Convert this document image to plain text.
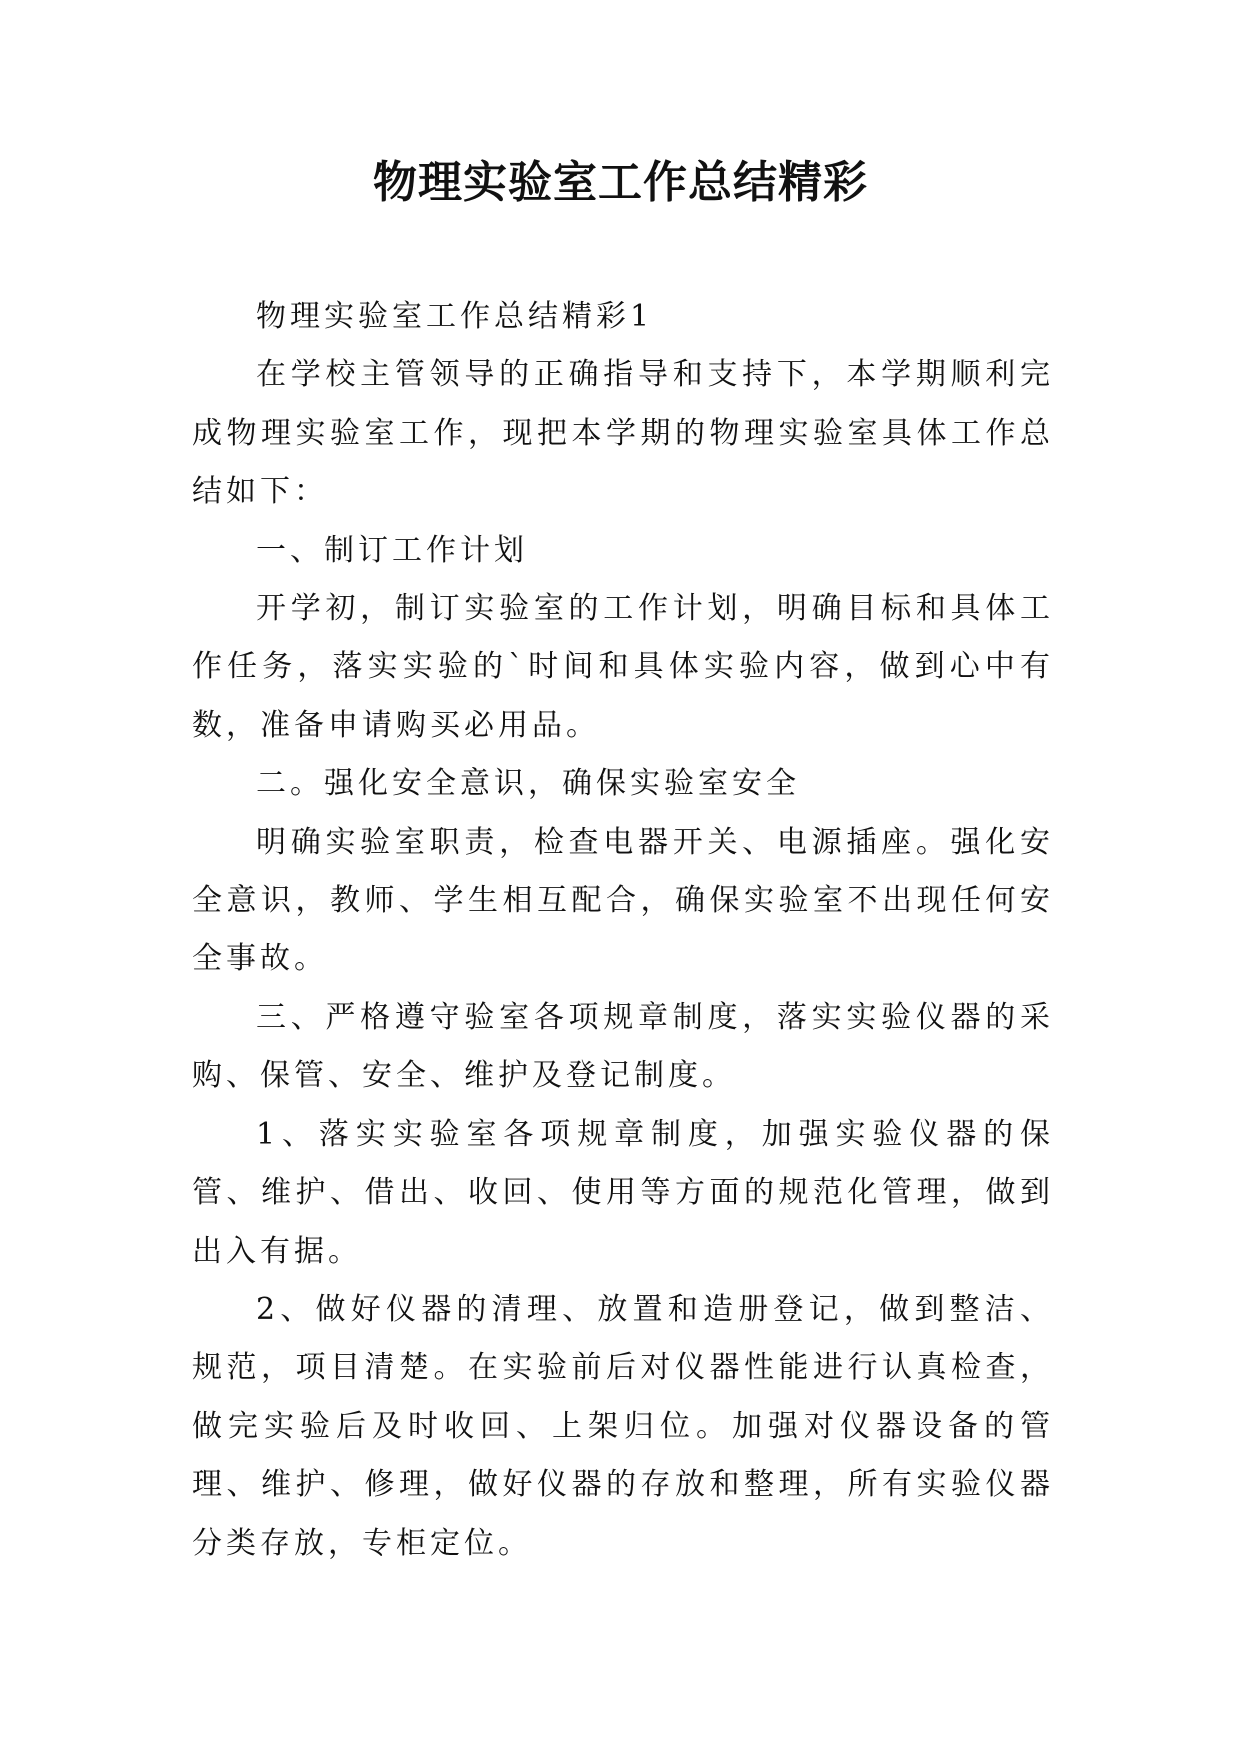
物理实验室工作总结精彩

物理实验室工作总结精彩1

在学校主管领导的正确指导和支持下，本学期顺利完成物理实验室工作，现把本学期的物理实验室具体工作总结如下：

一、制订工作计划

开学初，制订实验室的工作计划，明确目标和具体工作任务，落实实验的`时间和具体实验内容，做到心中有数，准备申请购买必用品。

二。强化安全意识，确保实验室安全

明确实验室职责，检查电器开关、电源插座。强化安全意识，教师、学生相互配合，确保实验室不出现任何安全事故。

三、严格遵守验室各项规章制度，落实实验仪器的采购、保管、安全、维护及登记制度。

1、落实实验室各项规章制度，加强实验仪器的保管、维护、借出、收回、使用等方面的规范化管理，做到出入有据。

2、做好仪器的清理、放置和造册登记，做到整洁、规范，项目清楚。在实验前后对仪器性能进行认真检查，做完实验后及时收回、上架归位。加强对仪器设备的管理、维护、修理，做好仪器的存放和整理，所有实验仪器分类存放，专柜定位。
